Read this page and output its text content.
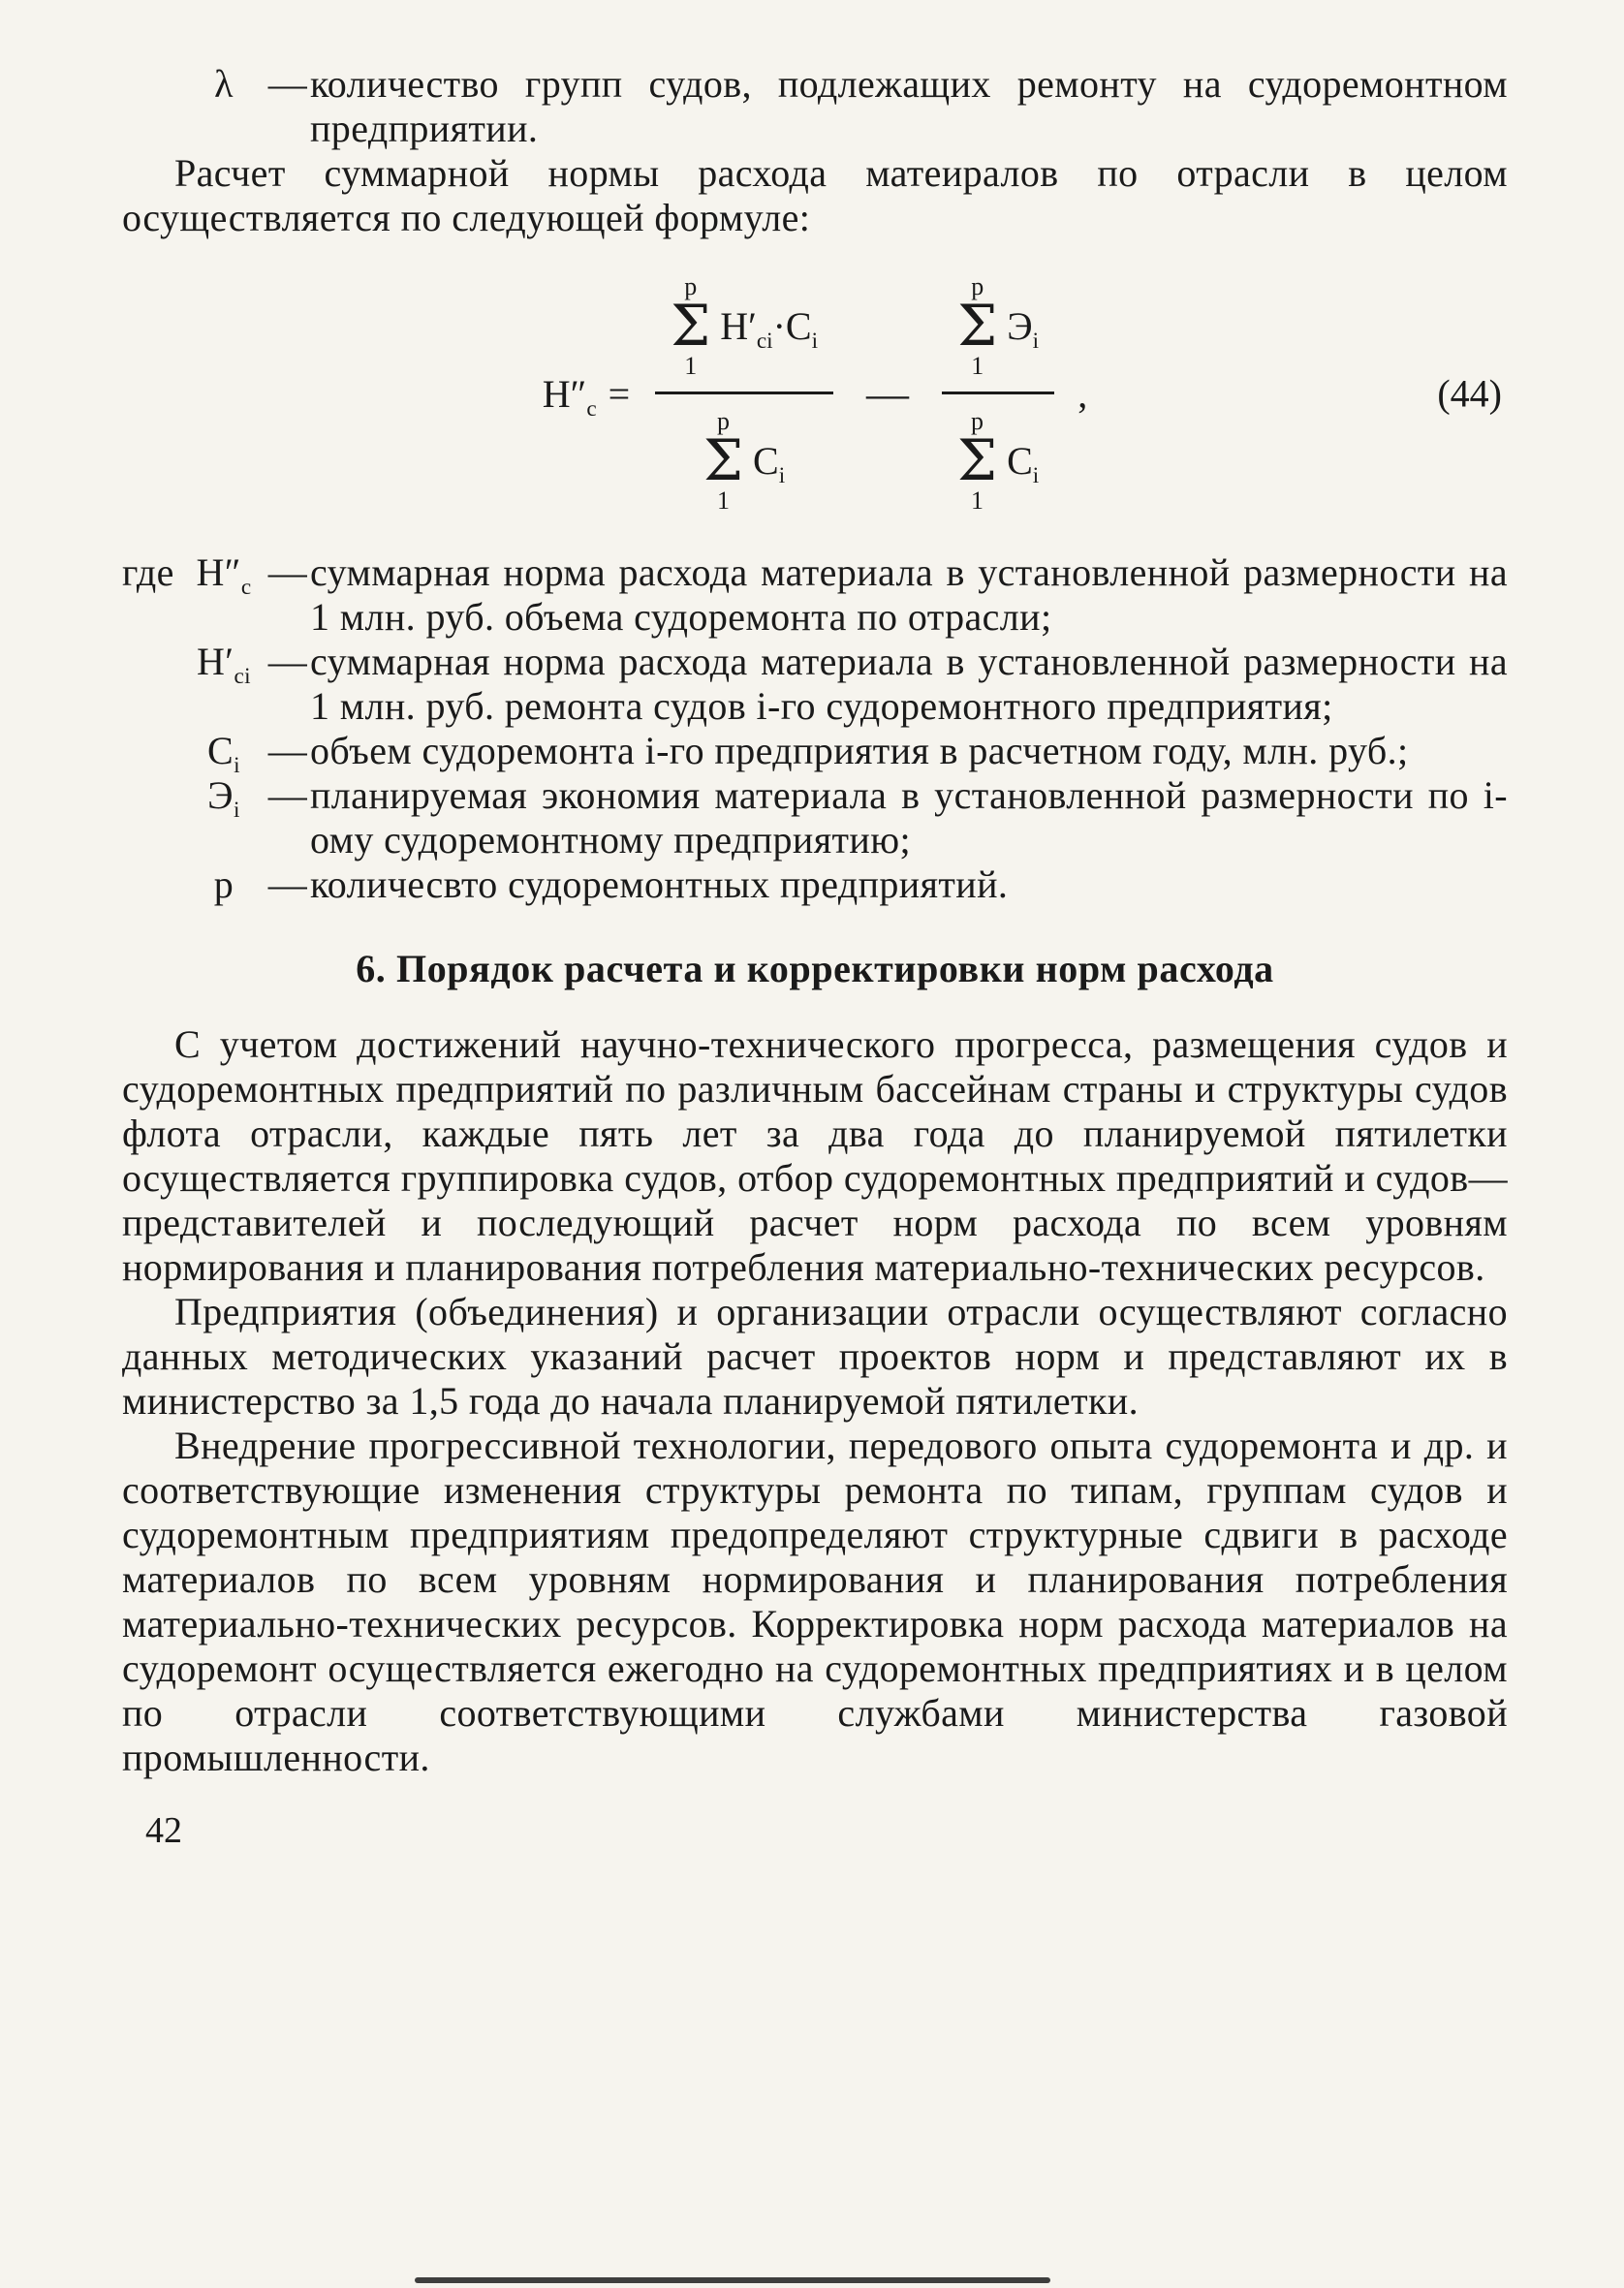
λ — количество групп судов, подлежащих ремонту на судоремонтном предприятии.

Расчет суммарной нормы расхода матеиралов по отрасли в целом осуществляется по следующей формуле:

$Н''_с = p$
Σ
1
$Н'_{сi}\cdot С_i$
p
Σ
1
$С_i$ — p
Σ
1
$Э_i$
p
Σ
1
$С_i$ ,	(44)
где $Н''_с$ — суммарная норма расхода материала в установленной размерности на 1 млн. руб. объема судоремонта по отрасли;
$Н'_{сi}$ — суммарная норма расхода материала в установленной размерности на 1 млн. руб. ремонта судов i-го судоремонтного предприятия;
$С_i$ — объем судоремонта i-го предприятия в расчетном году, млн. руб.;
$Э_i$ — планируемая экономия материала в установленной размерности по i-ому судоремонтному предприятию;
р — количесвто судоремонтных предприятий.
6. Порядок расчета и корректировки норм расхода

С учетом достижений научно-технического прогресса, размещения судов и судоремонтных предприятий по различным бассейнам страны и структуры судов флота отрасли, каждые пять лет за два года до планируемой пятилетки осуществляется группировка судов, отбор судоремонтных предприятий и судов—представителей и последующий расчет норм расхода по всем уровням нормирования и планирования потребления материально-технических ресурсов.

Предприятия (объединения) и организации отрасли осуществляют согласно данных методических указаний расчет проектов норм и представляют их в министерство за 1,5 года до начала планируемой пятилетки.

Внедрение прогрессивной технологии, передового опыта судоремонта и др. и соответствующие изменения структуры ремонта по типам, группам судов и судоремонтным предприятиям предопределяют структурные сдвиги в расходе материалов по всем уровням нормирования и планирования потребления материально-технических ресурсов. Корректировка норм расхода материалов на судоремонт осуществляется ежегодно на судоремонтных предприятиях и в целом по отрасли соответствующими службами министерства газовой промышленности.

42
